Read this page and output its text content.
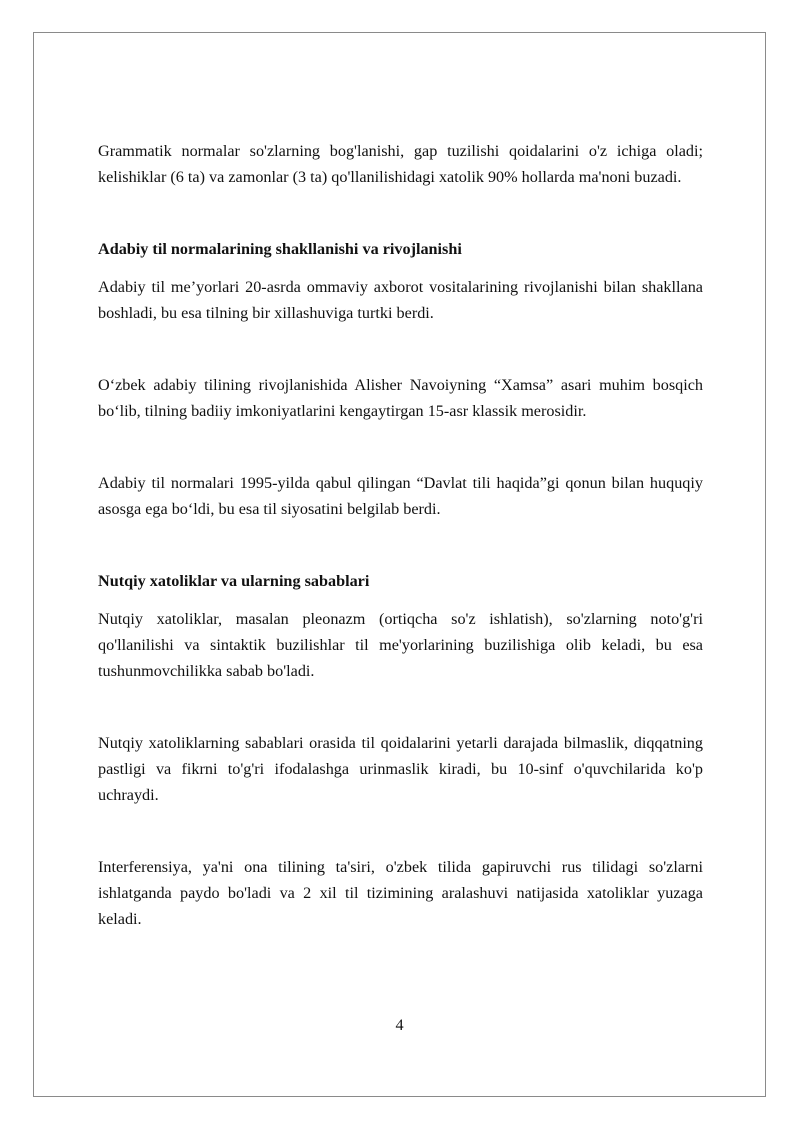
Grammatik normalar so'zlarning bog'lanishi, gap tuzilishi qoidalarini o'z ichiga oladi; kelishiklar (6 ta) va zamonlar (3 ta) qo'llanilishidagi xatolik 90% hollarda ma'noni buzadi.

Adabiy til normalarining shakllanishi va rivojlanishi

Adabiy til me’yorlari 20-asrda ommaviy axborot vositalarining rivojlanishi bilan shakllana boshladi, bu esa tilning bir xillashuviga turtki berdi.

O‘zbek adabiy tilining rivojlanishida Alisher Navoiyning “Xamsa” asari muhim bosqich bo‘lib, tilning badiiy imkoniyatlarini kengaytirgan 15-asr klassik merosidir.

Adabiy til normalari 1995-yilda qabul qilingan “Davlat tili haqida”gi qonun bilan huquqiy asosga ega bo‘ldi, bu esa til siyosatini belgilab berdi.

Nutqiy xatoliklar va ularning sabablari

Nutqiy xatoliklar, masalan pleonazm (ortiqcha so'z ishlatish), so'zlarning noto'g'ri qo'llanilishi va sintaktik buzilishlar til me'yorlarining buzilishiga olib keladi, bu esa tushunmovchilikka sabab bo'ladi.

Nutqiy xatoliklarning sabablari orasida til qoidalarini yetarli darajada bilmaslik, diqqatning pastligi va fikrni to'g'ri ifodalashga urinmaslik kiradi, bu 10-sinf o'quvchilarida ko'p uchraydi.

Interferensiya, ya'ni ona tilining ta'siri, o'zbek tilida gapiruvchi rus tilidagi so'zlarni ishlatganda paydo bo'ladi va 2 xil til tizimining aralashuvi natijasida xatoliklar yuzaga keladi.

4
